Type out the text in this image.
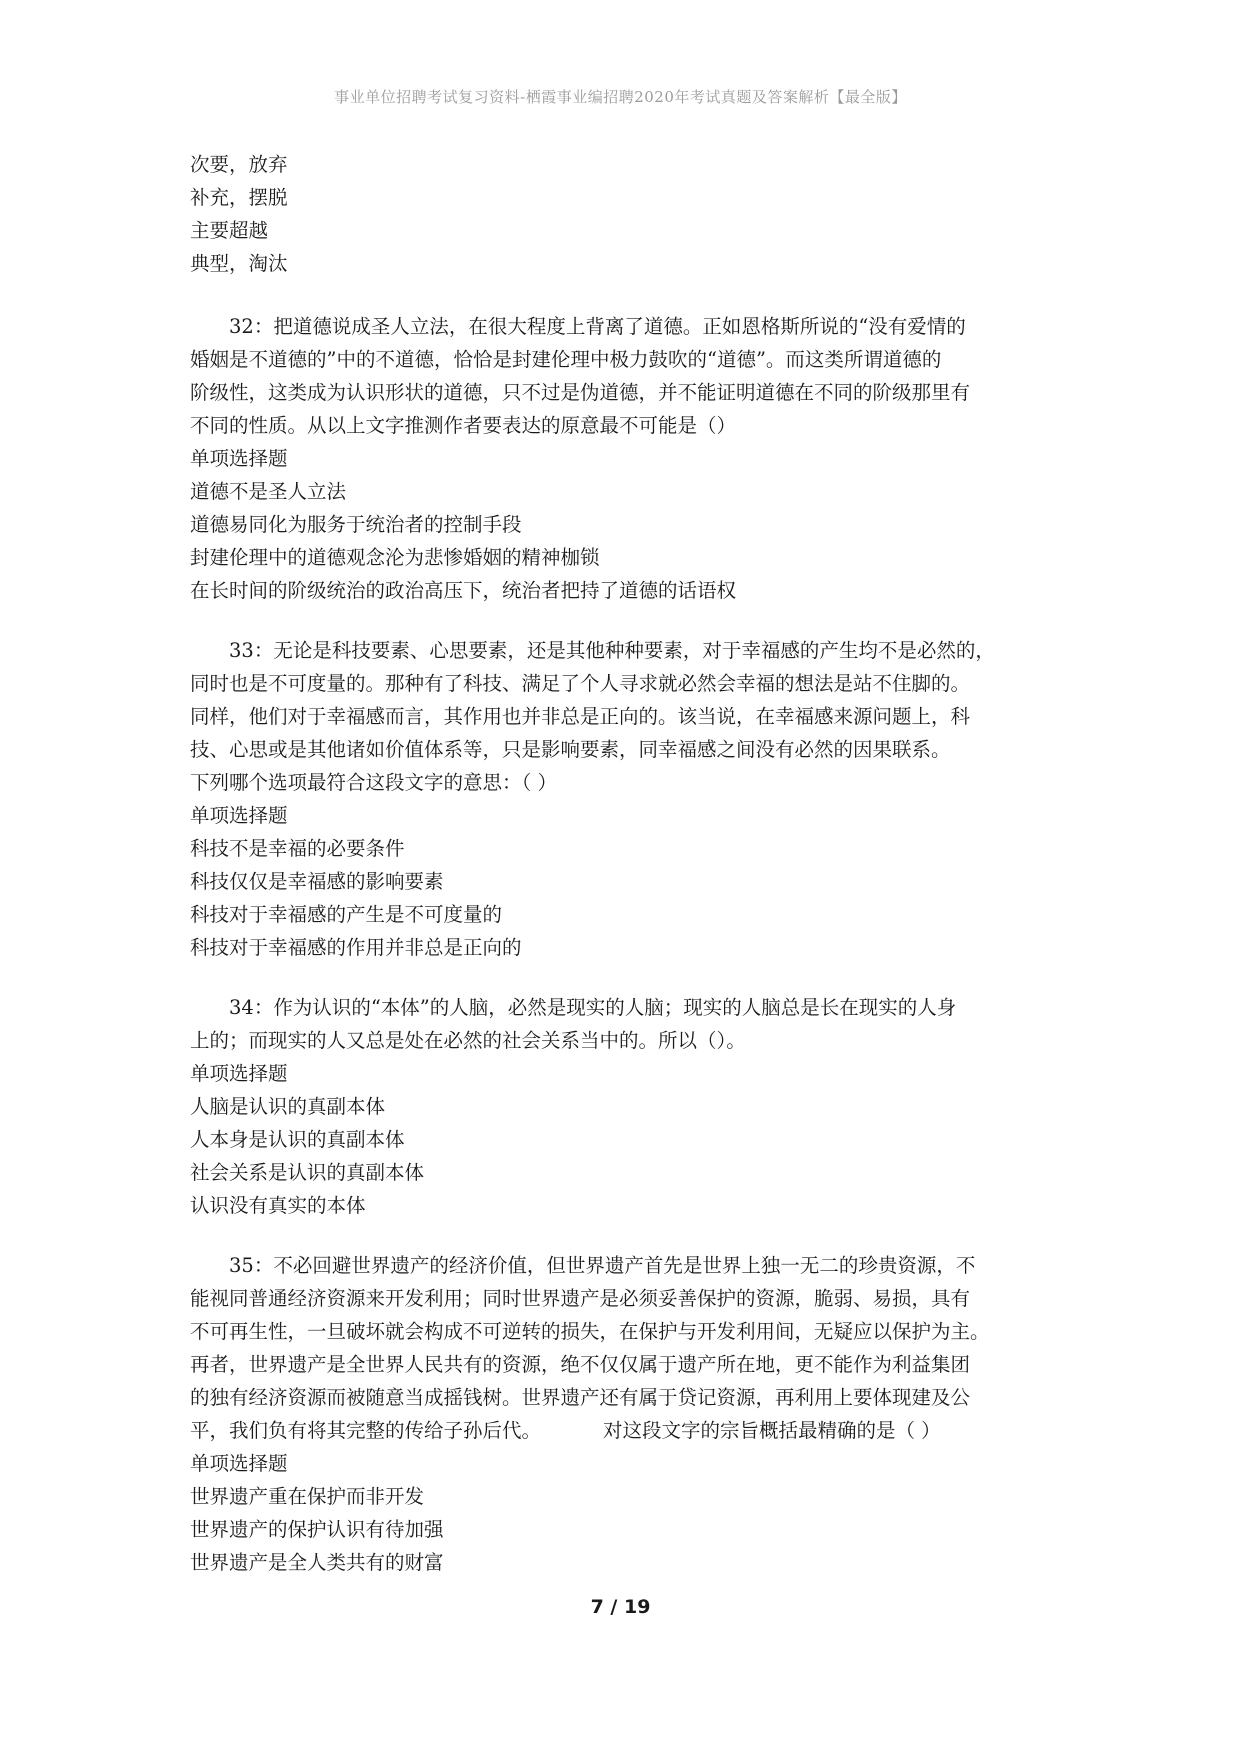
事业单位招聘考试复习资料-栖霞事业编招聘2020年考试真题及答案解析【最全版】
次要，放弃
补充，摆脱
主要超越
典型，淘汰
32：把道德说成圣人立法，在很大程度上背离了道德。正如恩格斯所说的“没有爱情的
婚姻是不道德的”中的不道德，恰恰是封建伦理中极力鼓吹的“道德”。而这类所谓道德的
阶级性，这类成为认识形状的道德，只不过是伪道德，并不能证明道德在不同的阶级那里有
不同的性质。从以上文字推测作者要表达的原意最不可能是（）
单项选择题
道德不是圣人立法
道德易同化为服务于统治者的控制手段
封建伦理中的道德观念沦为悲惨婚姻的精神枷锁
在长时间的阶级统治的政治高压下，统治者把持了道德的话语权
33：无论是科技要素、心思要素，还是其他种种要素，对于幸福感的产生均不是必然的，
同时也是不可度量的。那种有了科技、满足了个人寻求就必然会幸福的想法是站不住脚的。
同样，他们对于幸福感而言，其作用也并非总是正向的。该当说，在幸福感来源问题上，科
技、心思或是其他诸如价值体系等，只是影响要素，同幸福感之间没有必然的因果联系。
下列哪个选项最符合这段文字的意思：（ ）
单项选择题
科技不是幸福的必要条件
科技仅仅是幸福感的影响要素
科技对于幸福感的产生是不可度量的
科技对于幸福感的作用并非总是正向的
34：作为认识的“本体”的人脑，必然是现实的人脑；现实的人脑总是长在现实的人身
上的；而现实的人又总是处在必然的社会关系当中的。所以（）。
单项选择题
人脑是认识的真副本体
人本身是认识的真副本体
社会关系是认识的真副本体
认识没有真实的本体
35：不必回避世界遗产的经济价值，但世界遗产首先是世界上独一无二的珍贵资源，不
能视同普通经济资源来开发利用；同时世界遗产是必须妥善保护的资源，脆弱、易损，具有
不可再生性，一旦破坏就会构成不可逆转的损失，在保护与开发利用间，无疑应以保护为主。
再者，世界遗产是全世界人民共有的资源，绝不仅仅属于遗产所在地，更不能作为利益集团
的独有经济资源而被随意当成摇钱树。世界遗产还有属于贷记资源，再利用上要体现建及公
平，我们负有将其完整的传给子孙后代。          对这段文字的宗旨概括最精确的是（ ）
单项选择题
世界遗产重在保护而非开发
世界遗产的保护认识有待加强
世界遗产是全人类共有的财富
7 / 19
